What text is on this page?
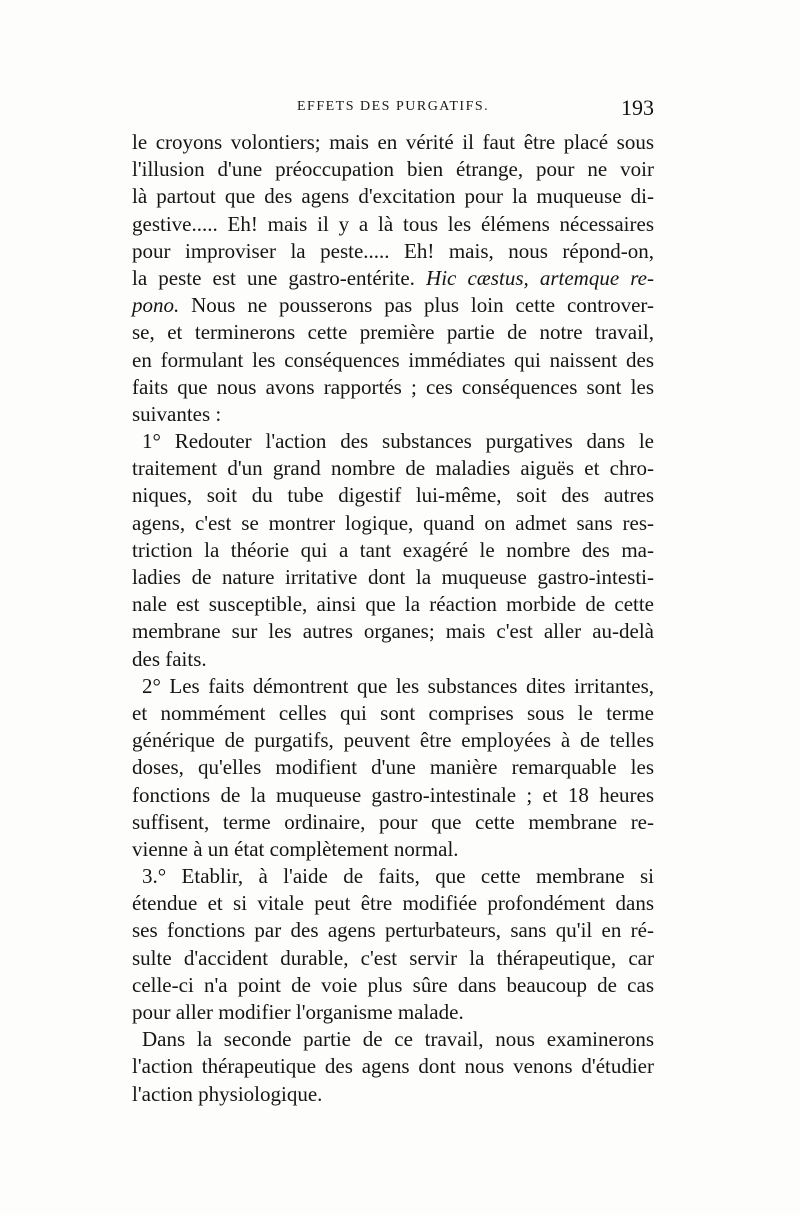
EFFETS DES PURGATIFS.	193
le croyons volontiers; mais en vérité il faut être placé sous
l'illusion d'une préoccupation bien étrange, pour ne voir
là partout que des agens d'excitation pour la muqueuse di-
gestive..... Eh! mais il y a là tous les élémens nécessaires
pour improviser la peste..... Eh! mais, nous répond-on,
la peste est une gastro-entérite. Hic cæstus, artemque re-
pono. Nous ne pousserons pas plus loin cette controver-
se, et terminerons cette première partie de notre travail,
en formulant les conséquences immédiates qui naissent des
faits que nous avons rapportés ; ces conséquences sont les
suivantes :
1° Redouter l'action des substances purgatives dans le
traitement d'un grand nombre de maladies aiguës et chro-
niques, soit du tube digestif lui-même, soit des autres
agens, c'est se montrer logique, quand on admet sans res-
triction la théorie qui a tant exagéré le nombre des ma-
ladies de nature irritative dont la muqueuse gastro-intesti-
nale est susceptible, ainsi que la réaction morbide de cette
membrane sur les autres organes; mais c'est aller au-delà
des faits.
2° Les faits démontrent que les substances dites irritantes,
et nommément celles qui sont comprises sous le terme
générique de purgatifs, peuvent être employées à de telles
doses, qu'elles modifient d'une manière remarquable les
fonctions de la muqueuse gastro-intestinale ; et 18 heures
suffisent, terme ordinaire, pour que cette membrane re-
vienne à un état complètement normal.
3.° Etablir, à l'aide de faits, que cette membrane si
étendue et si vitale peut être modifiée profondément dans
ses fonctions par des agens perturbateurs, sans qu'il en ré-
sulte d'accident durable, c'est servir la thérapeutique, car
celle-ci n'a point de voie plus sûre dans beaucoup de cas
pour aller modifier l'organisme malade.
Dans la seconde partie de ce travail, nous examinerons
l'action thérapeutique des agens dont nous venons d'étudier
l'action physiologique.
